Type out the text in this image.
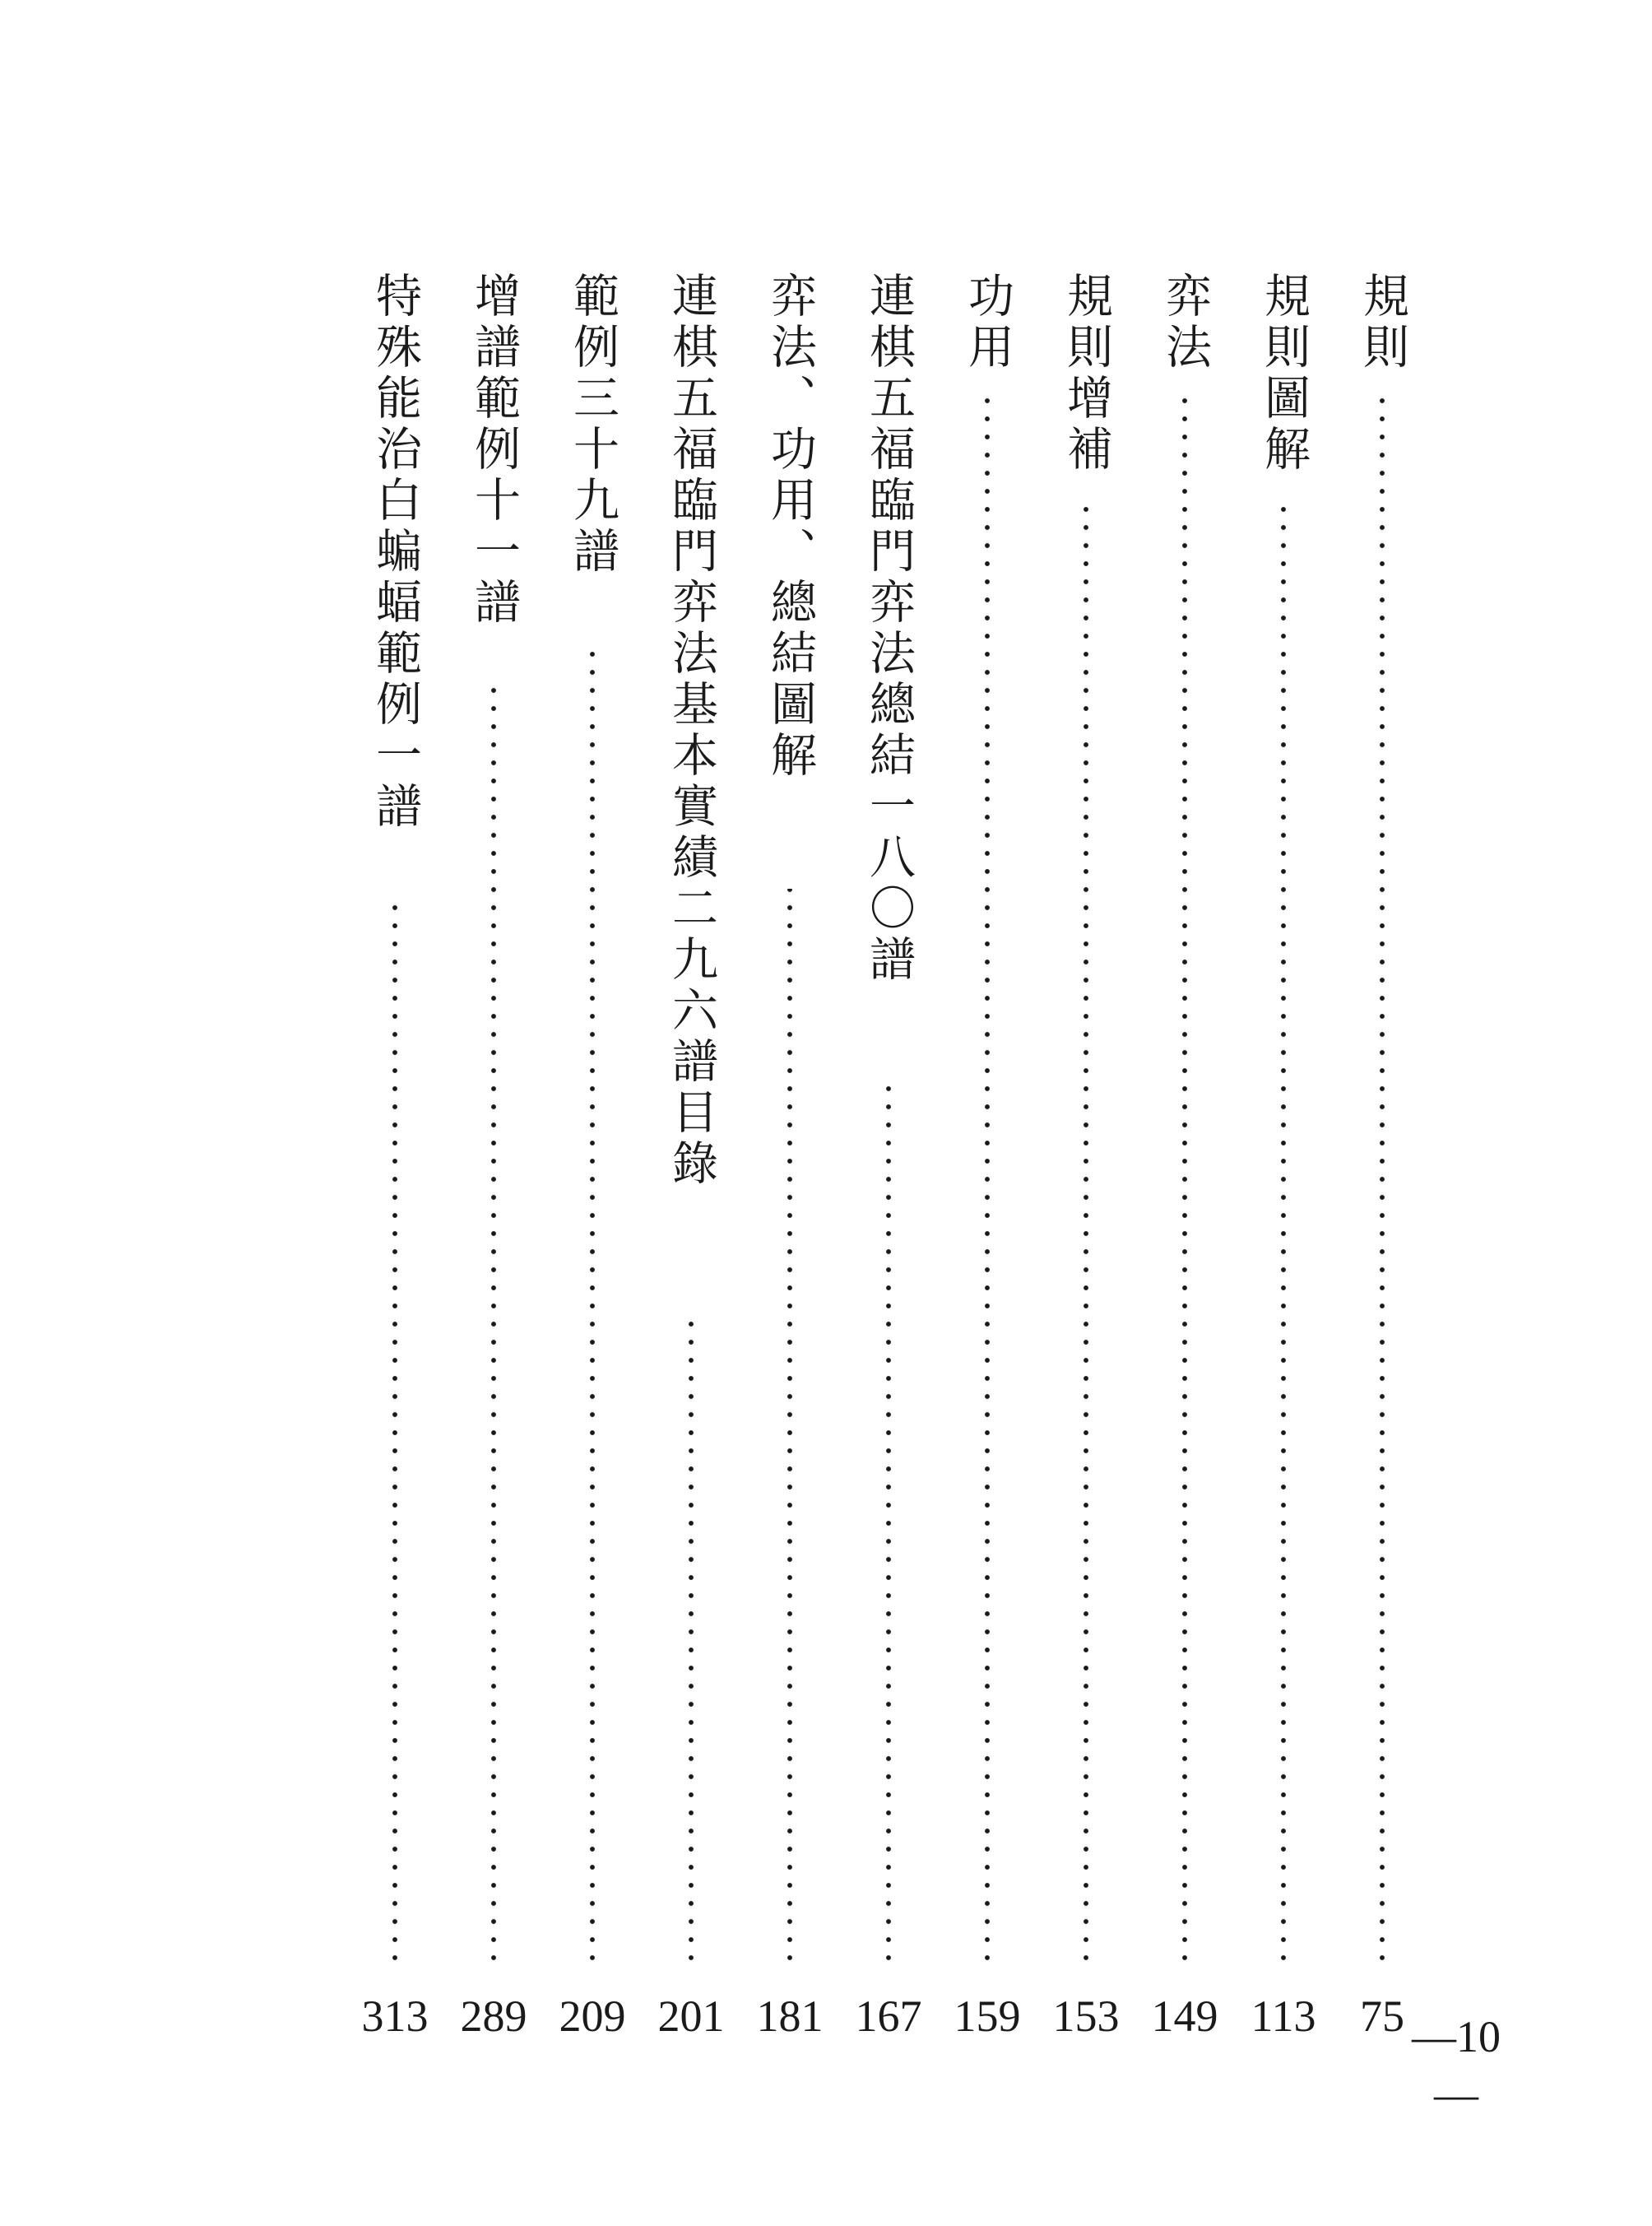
規則
75
規則圖解
113
弈法
149
規則增補
153
功用
159
連棋五福臨門弈法總結一八〇譜
167
弈法、功用、總結圖解
181
連棋五福臨門弈法基本實績二九六譜目錄
201
範例三十九譜
209
增譜範例十一譜
289
特殊能治白蝙蝠範例一譜
313	—10—
